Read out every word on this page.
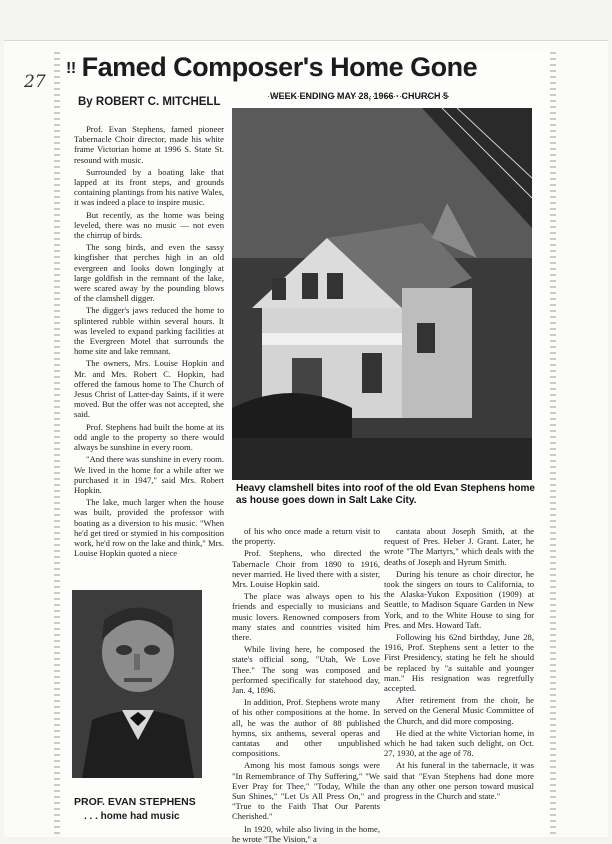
27
!! Famed Composer's Home Gone
By ROBERT C. MITCHELL	WEEK ENDING MAY 28, 1966 · CHURCH 5

Prof. Evan Stephens, famed pioneer Tabernacle Choir director, made his white frame Victorian home at 1996 S. State St. resound with music.

Surrounded by a boating lake that lapped at its front steps, and grounds containing plantings from his native Wales, it was indeed a place to inspire music.

But recently, as the home was being leveled, there was no music — not even the chirrup of birds.

The song birds, and even the sassy kingfisher that perches high in an old evergreen and looks down longingly at large goldfish in the remnant of the lake, were scared away by the pounding blows of the clamshell digger.

The digger's jaws reduced the home to splintered rubble within several hours. It was leveled to expand parking facilities at the Evergreen Motel that surrounds the home site and lake remnant.

The owners, Mrs. Louise Hopkin and Mr. and Mrs. Robert C. Hopkin, had offered the famous home to The Church of Jesus Christ of Latter-day Saints, if it were moved. But the offer was not accepted, she said.

Prof. Stephens had built the home at its odd angle to the property so there would always be sunshine in every room.

"And there was sunshine in every room. We lived in the home for a while after we purchased it in 1947," said Mrs. Robert Hopkin.

The lake, much larger when the house was built, provided the professor with boating as a diversion to his music. "When he'd get tired or stymied in his composition work, he'd row on the lake and think," Mrs. Louise Hopkin quoted a niece

Heavy clamshell bites into roof of the old Evan Stephens home as house goes down in Salt Lake City.

of his who once made a return visit to the property.

Prof. Stephens, who directed the Tabernacle Choir from 1890 to 1916, never married. He lived there with a sister, Mrs. Louise Hopkin said.

The place was always open to his friends and especially to musicians and music lovers. Renowned composers from many states and countries visited him there.

While living here, he composed the state's official song, "Utah, We Love Thee." The song was composed and performed specifically for statehood day, Jan. 4, 1896.

In addition, Prof. Stephens wrote many of his other compositions at the home. In all, he was the author of 88 published hymns, six anthems, several operas and cantatas and other unpublished compositions.

Among his most famous songs were "In Remembrance of Thy Suffering," "We Ever Pray for Thee," "Today, While the Sun Shines," "Let Us All Press On," and "True to the Faith That Our Parents Cherished."

In 1920, while also living in the home, he wrote "The Vision," a

cantata about Joseph Smith, at the request of Pres. Heber J. Grant. Later, he wrote "The Martyrs," which deals with the deaths of Joseph and Hyrum Smith.

During his tenure as choir director, he took the singers on tours to California, to the Alaska-Yukon Exposition (1909) at Seattle, to Madison Square Garden in New York, and to the White House to sing for Pres. and Mrs. Howard Taft.

Following his 62nd birthday, June 28, 1916, Prof. Stephens sent a letter to the First Presidency, stating he felt he should be replaced by "a suitable and younger man." His resignation was regretfully accepted.

After retirement from the choir, he served on the General Music Committee of the Church, and did more composing.

He died at the white Victorian home, in which he had taken such delight, on Oct. 27, 1930, at the age of 78.

At his funeral in the tabernacle, it was said that "Evan Stephens had done more than any other one person toward musical progress in the Church and state."

PROF. EVAN STEPHENS
. . . home had music
